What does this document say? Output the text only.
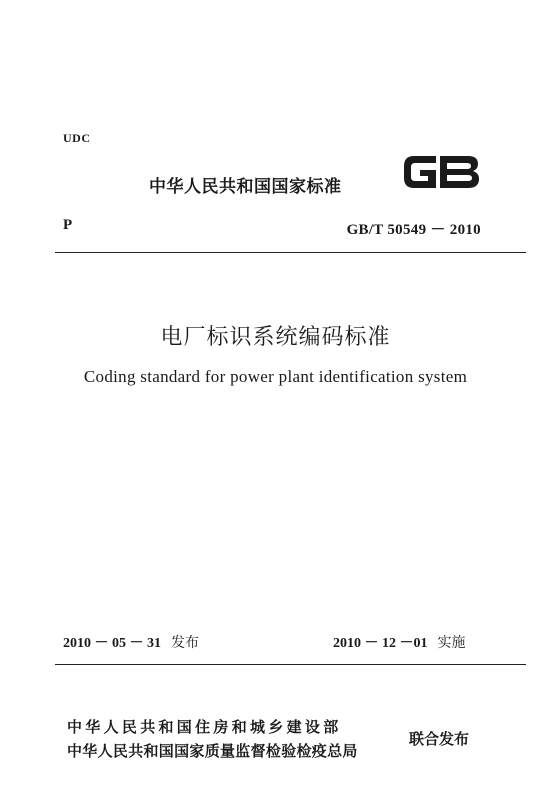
UDC
中华人民共和国国家标准
P	GB/T 50549 － 2010
电厂标识系统编码标准
Coding standard for power plant identification system
2010 － 05 － 31 发布	2010 － 12 －01 实施
中华人民共和国住房和城乡建设部
中华人民共和国国家质量监督检验检疫总局
联合发布
